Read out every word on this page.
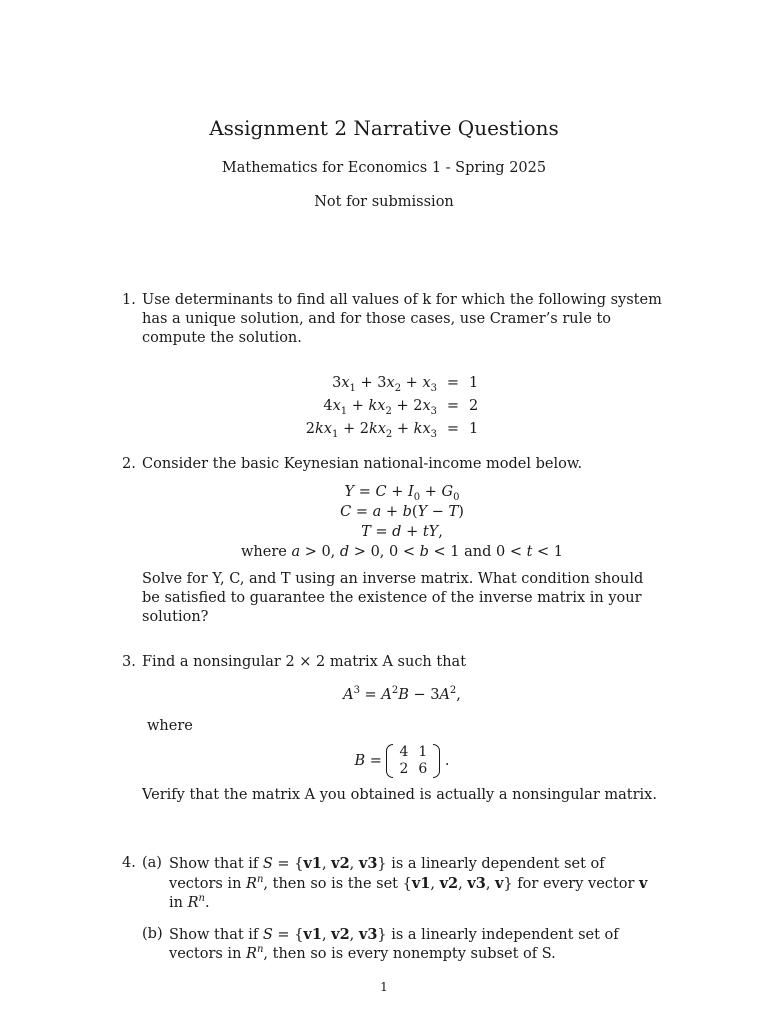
Assignment 2 Narrative Questions
Mathematics for Economics 1 - Spring 2025
Not for submission
1. Use determinants to find all values of k for which the following system has a unique solution, and for those cases, use Cramer’s rule to compute the solution.
$3x_1 + 3x_2 + x_3$	=	1
$4x_1 + kx_2 + 2x_3$	=	2
$2kx_1 + 2kx_2 + kx_3$	=	1
2. Consider the basic Keynesian national-income model below.
$Y = C + I_0 + G_0$
C = a + b(Y − T)
T = d + tY,
where a > 0, d > 0, 0 < b < 1 and 0 < t < 1
Solve for Y, C, and T using an inverse matrix. What condition should be satisfied to guarantee the existence of the inverse matrix in your solution?
3. Find a nonsingular 2 × 2 matrix A such that
$A^3 = A^2B - 3A^2$,
where
B =
4	1
2	6 .
Verify that the matrix A you obtained is actually a nonsingular matrix.
4. (a) Show that if S = {v1, v2, v3} is a linearly dependent set of vectors in $R^n$, then so is the set {v1, v2, v3, v} for every vector v in $R^n$.
(b) Show that if S = {v1, v2, v3} is a linearly independent set of vectors in $R^n$, then so is every nonempty subset of S.
1
